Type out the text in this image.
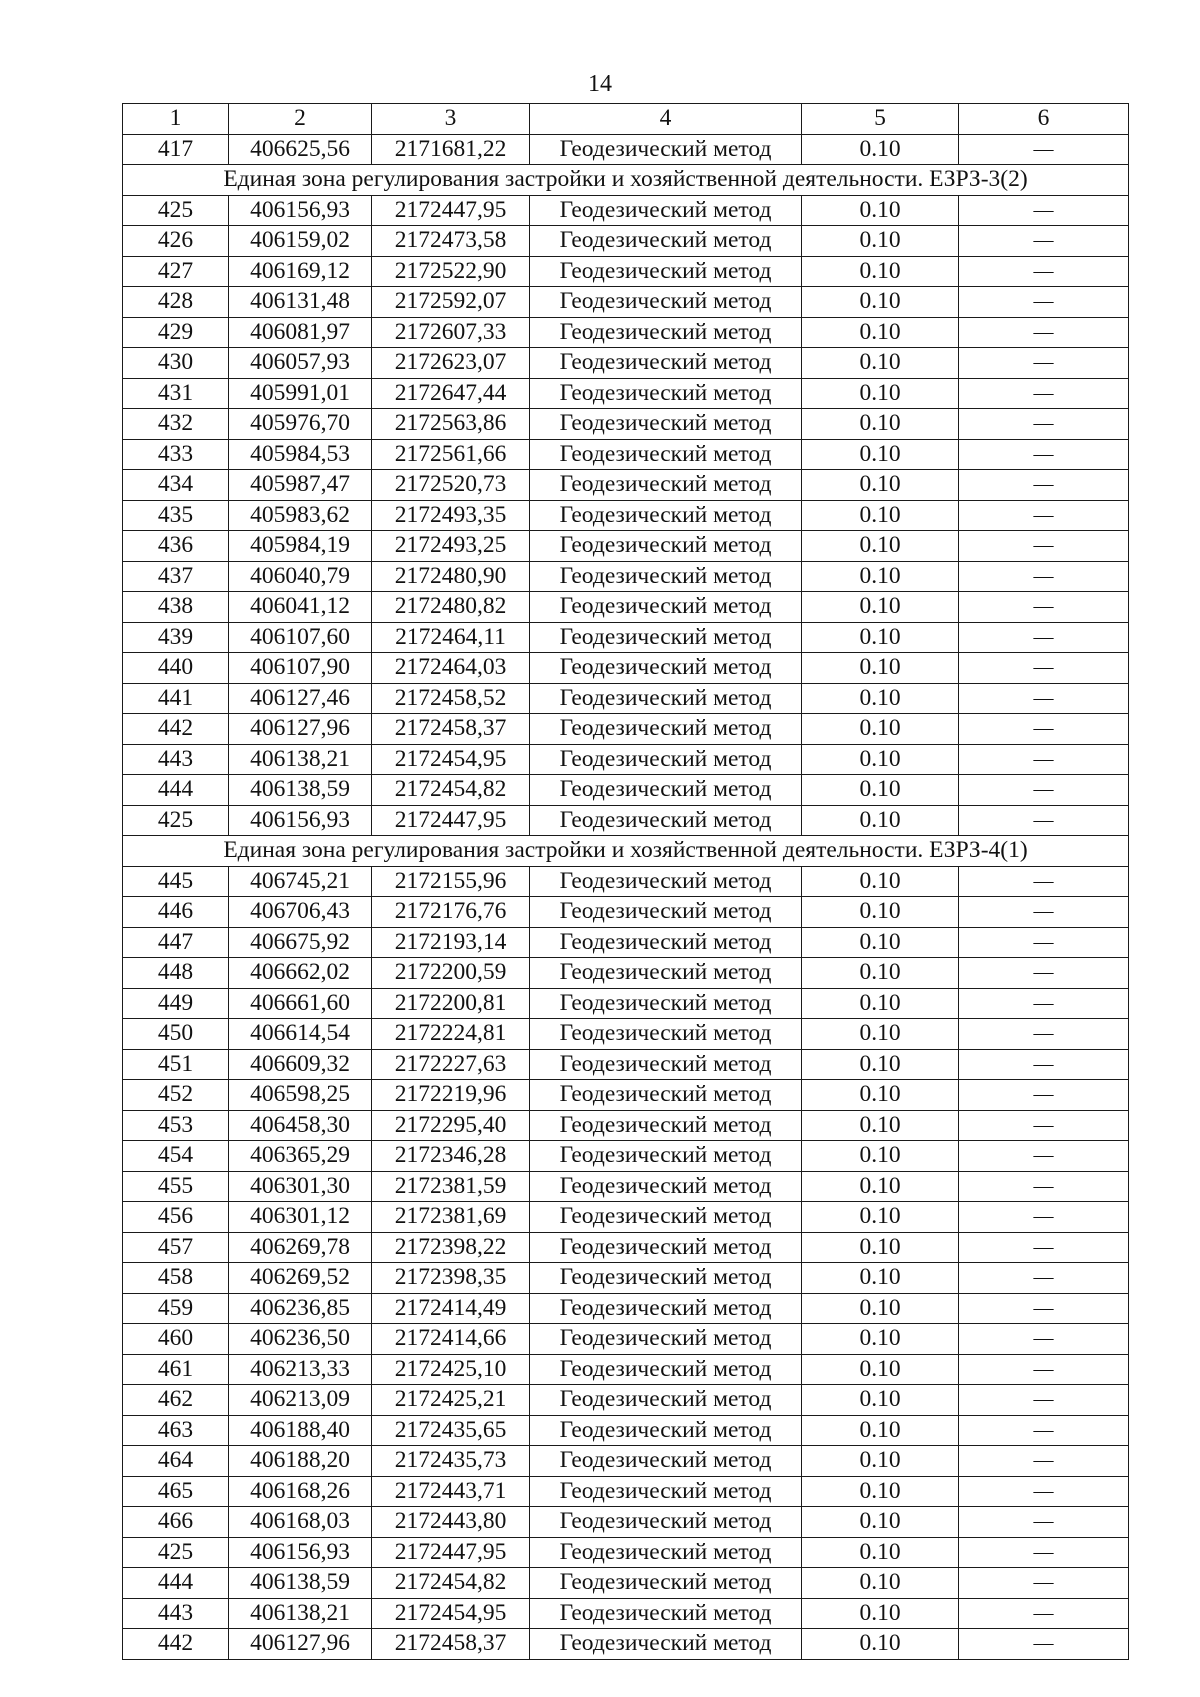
14
1	2	3	4	5	6
417	406625,56	2171681,22	Геодезический метод	0.10	—
Единая зона регулирования застройки и хозяйственной деятельности. ЕЗРЗ-3(2)					
425	406156,93	2172447,95	Геодезический метод	0.10	—
426	406159,02	2172473,58	Геодезический метод	0.10	—
427	406169,12	2172522,90	Геодезический метод	0.10	—
428	406131,48	2172592,07	Геодезический метод	0.10	—
429	406081,97	2172607,33	Геодезический метод	0.10	—
430	406057,93	2172623,07	Геодезический метод	0.10	—
431	405991,01	2172647,44	Геодезический метод	0.10	—
432	405976,70	2172563,86	Геодезический метод	0.10	—
433	405984,53	2172561,66	Геодезический метод	0.10	—
434	405987,47	2172520,73	Геодезический метод	0.10	—
435	405983,62	2172493,35	Геодезический метод	0.10	—
436	405984,19	2172493,25	Геодезический метод	0.10	—
437	406040,79	2172480,90	Геодезический метод	0.10	—
438	406041,12	2172480,82	Геодезический метод	0.10	—
439	406107,60	2172464,11	Геодезический метод	0.10	—
440	406107,90	2172464,03	Геодезический метод	0.10	—
441	406127,46	2172458,52	Геодезический метод	0.10	—
442	406127,96	2172458,37	Геодезический метод	0.10	—
443	406138,21	2172454,95	Геодезический метод	0.10	—
444	406138,59	2172454,82	Геодезический метод	0.10	—
425	406156,93	2172447,95	Геодезический метод	0.10	—
Единая зона регулирования застройки и хозяйственной деятельности. ЕЗРЗ-4(1)					
445	406745,21	2172155,96	Геодезический метод	0.10	—
446	406706,43	2172176,76	Геодезический метод	0.10	—
447	406675,92	2172193,14	Геодезический метод	0.10	—
448	406662,02	2172200,59	Геодезический метод	0.10	—
449	406661,60	2172200,81	Геодезический метод	0.10	—
450	406614,54	2172224,81	Геодезический метод	0.10	—
451	406609,32	2172227,63	Геодезический метод	0.10	—
452	406598,25	2172219,96	Геодезический метод	0.10	—
453	406458,30	2172295,40	Геодезический метод	0.10	—
454	406365,29	2172346,28	Геодезический метод	0.10	—
455	406301,30	2172381,59	Геодезический метод	0.10	—
456	406301,12	2172381,69	Геодезический метод	0.10	—
457	406269,78	2172398,22	Геодезический метод	0.10	—
458	406269,52	2172398,35	Геодезический метод	0.10	—
459	406236,85	2172414,49	Геодезический метод	0.10	—
460	406236,50	2172414,66	Геодезический метод	0.10	—
461	406213,33	2172425,10	Геодезический метод	0.10	—
462	406213,09	2172425,21	Геодезический метод	0.10	—
463	406188,40	2172435,65	Геодезический метод	0.10	—
464	406188,20	2172435,73	Геодезический метод	0.10	—
465	406168,26	2172443,71	Геодезический метод	0.10	—
466	406168,03	2172443,80	Геодезический метод	0.10	—
425	406156,93	2172447,95	Геодезический метод	0.10	—
444	406138,59	2172454,82	Геодезический метод	0.10	—
443	406138,21	2172454,95	Геодезический метод	0.10	—
442	406127,96	2172458,37	Геодезический метод	0.10	—
